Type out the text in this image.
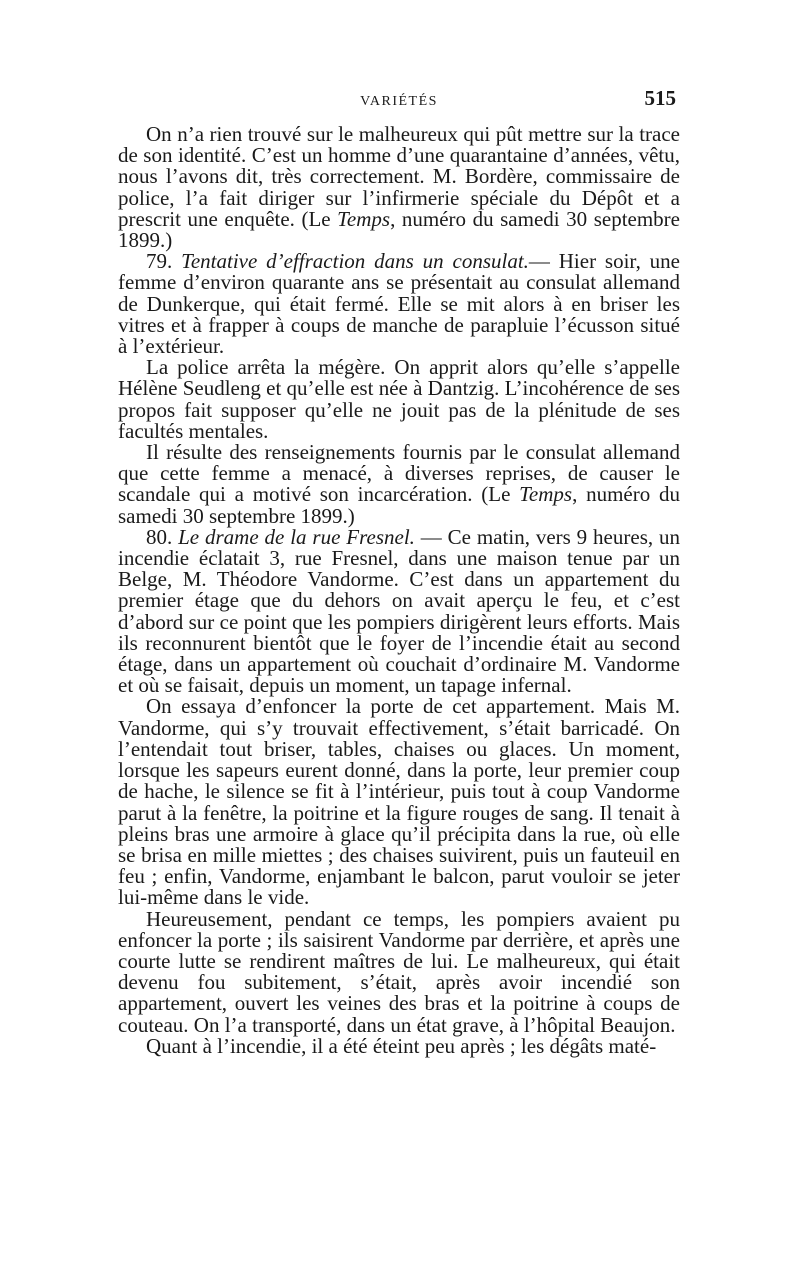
VARIÉTÉS	515

On n’a rien trouvé sur le malheureux qui pût mettre sur la trace de son identité. C’est un homme d’une quarantaine d’années, vêtu, nous l’avons dit, très correctement. M. Bordère, commissaire de police, l’a fait diriger sur l’infirmerie spéciale du Dépôt et a prescrit une enquête. (Le Temps, numéro du samedi 30 septembre 1899.)

79. Tentative d’effraction dans un consulat.— Hier soir, une femme d’environ quarante ans se présentait au consulat allemand de Dunkerque, qui était fermé. Elle se mit alors à en briser les vitres et à frapper à coups de manche de parapluie l’écusson situé à l’extérieur.

La police arrêta la mégère. On apprit alors qu’elle s’appelle Hélène Seudleng et qu’elle est née à Dantzig. L’incohérence de ses propos fait supposer qu’elle ne jouit pas de la plénitude de ses facultés mentales.

Il résulte des renseignements fournis par le consulat allemand que cette femme a menacé, à diverses reprises, de causer le scandale qui a motivé son incarcération. (Le Temps, numéro du samedi 30 septembre 1899.)

80. Le drame de la rue Fresnel. — Ce matin, vers 9 heures, un incendie éclatait 3, rue Fresnel, dans une maison tenue par un Belge, M. Théodore Vandorme. C’est dans un appartement du premier étage que du dehors on avait aperçu le feu, et c’est d’abord sur ce point que les pompiers dirigèrent leurs efforts. Mais ils reconnurent bientôt que le foyer de l’incendie était au second étage, dans un appartement où couchait d’ordinaire M. Vandorme et où se faisait, depuis un moment, un tapage infernal.

On essaya d’enfoncer la porte de cet appartement. Mais M. Vandorme, qui s’y trouvait effectivement, s’était barricadé. On l’entendait tout briser, tables, chaises ou glaces. Un moment, lorsque les sapeurs eurent donné, dans la porte, leur premier coup de hache, le silence se fit à l’intérieur, puis tout à coup Vandorme parut à la fenêtre, la poitrine et la figure rouges de sang. Il tenait à pleins bras une armoire à glace qu’il précipita dans la rue, où elle se brisa en mille miettes ; des chaises suivirent, puis un fauteuil en feu ; enfin, Vandorme, enjambant le balcon, parut vouloir se jeter lui-même dans le vide.

Heureusement, pendant ce temps, les pompiers avaient pu enfoncer la porte ; ils saisirent Vandorme par derrière, et après une courte lutte se rendirent maîtres de lui. Le malheureux, qui était devenu fou subitement, s’était, après avoir incendié son appartement, ouvert les veines des bras et la poitrine à coups de couteau. On l’a transporté, dans un état grave, à l’hôpital Beaujon.

Quant à l’incendie, il a été éteint peu après ; les dégâts maté-
